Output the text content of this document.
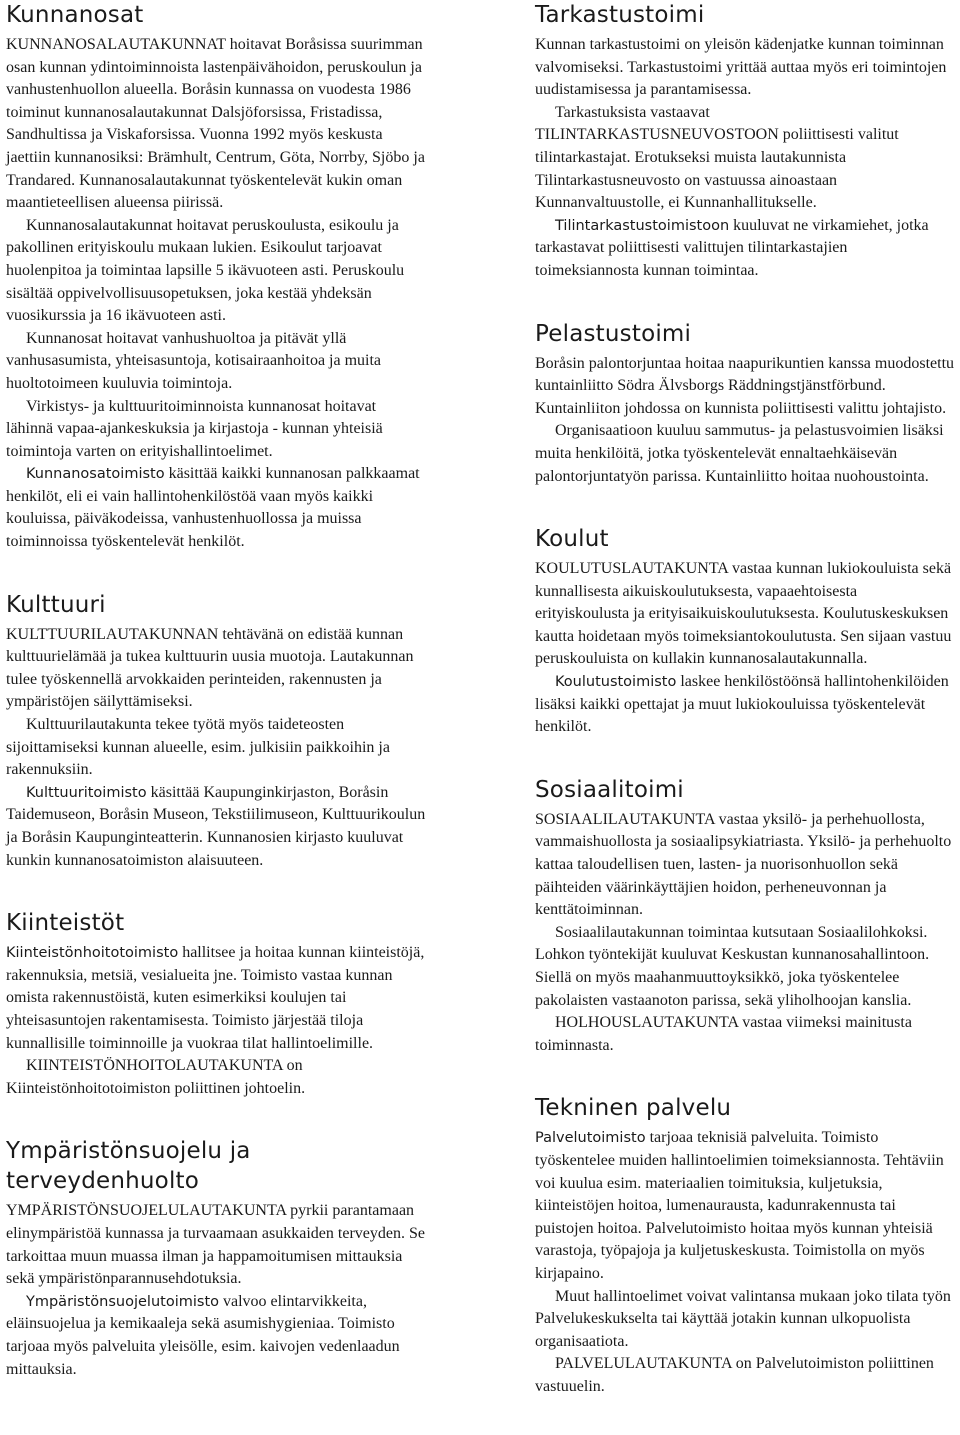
Kunnanosat

KUNNANOSALAUTAKUNNAT hoitavat Boråsissa suurimman osan kunnan ydintoiminnoista lastenpäivähoidon, peruskoulun ja vanhustenhuollon alueella. Boråsin kunnassa on vuodesta 1986 toiminut kunnanosalautakunnat Dalsjöforsissa, Fristadissa, Sandhultissa ja Viskaforsissa. Vuonna 1992 myös keskusta jaettiin kunnanosiksi: Brämhult, Centrum, Göta, Norrby, Sjöbo ja Trandared. Kunnanosalautakunnat työskentelevät kukin oman maantieteellisen alueensa piirissä.

Kunnanosalautakunnat hoitavat peruskoulusta, esikoulu ja pakollinen erityiskoulu mukaan lukien. Esikoulut tarjoavat huolenpitoa ja toimintaa lapsille 5 ikävuoteen asti. Peruskoulu sisältää oppivelvollisuusopetuksen, joka kestää yhdeksän vuosikurssia ja 16 ikävuoteen asti.

Kunnanosat hoitavat vanhushuoltoa ja pitävät yllä vanhusasumista, yhteisasuntoja, kotisairaanhoitoa ja muita huoltotoimeen kuuluvia toimintoja.

Virkistys- ja kulttuuritoiminnoista kunnanosat hoitavat lähinnä vapaa-ajankeskuksia ja kirjastoja - kunnan yhteisiä toimintoja varten on erityishallintoelimet.

Kunnanosatoimisto käsittää kaikki kunnanosan palkkaamat henkilöt, eli ei vain hallintohenkilöstöä vaan myös kaikki kouluissa, päiväkodeissa, vanhustenhuollossa ja muissa toiminnoissa työskentelevät henkilöt.

Kulttuuri

KULTTUURILAUTAKUNNAN tehtävänä on edistää kunnan kulttuurielämää ja tukea kulttuurin uusia muotoja. Lautakunnan tulee työskennellä arvokkaiden perinteiden, rakennusten ja ympäristöjen säilyttämiseksi.

Kulttuurilautakunta tekee työtä myös taideteosten sijoittamiseksi kunnan alueelle, esim. julkisiin paikkoihin ja rakennuksiin.

Kulttuuritoimisto käsittää Kaupunginkirjaston, Boråsin Taidemuseon, Boråsin Museon, Tekstiilimuseon, Kulttuurikoulun ja Boråsin Kaupunginteatterin. Kunnanosien kirjasto kuuluvat kunkin kunnanosatoimiston alaisuuteen.

Kiinteistöt

Kiinteistönhoitotoimisto hallitsee ja hoitaa kunnan kiinteistöjä, rakennuksia, metsiä, vesialueita jne. Toimisto vastaa kunnan omista rakennustöistä, kuten esimerkiksi koulujen tai yhteisasuntojen rakentamisesta. Toimisto järjestää tiloja kunnallisille toiminnoille ja vuokraa tilat hallintoelimille.

KIINTEISTÖNHOITOLAUTAKUNTA on Kiinteistönhoitotoimiston poliittinen johtoelin.

Ympäristönsuojelu ja terveydenhuolto

YMPÄRISTÖNSUOJELULAUTAKUNTA pyrkii parantamaan elinympäristöä kunnassa ja turvaamaan asukkaiden terveyden. Se tarkoittaa muun muassa ilman ja happamoitumisen mittauksia sekä ympäristönparannusehdotuksia.

Ympäristönsuojelutoimisto valvoo elintarvikkeita, eläinsuojelua ja kemikaaleja sekä asumishygieniaa. Toimisto tarjoaa myös palveluita yleisölle, esim. kaivojen vedenlaadun mittauksia.

Tarkastustoimi

Kunnan tarkastustoimi on yleisön kädenjatke kunnan toiminnan valvomiseksi. Tarkastustoimi yrittää auttaa myös eri toimintojen uudistamisessa ja parantamisessa.

Tarkastuksista vastaavat TILINTARKASTUSNEUVOSTOON poliittisesti valitut tilintarkastajat. Erotukseksi muista lautakunnista Tilintarkastusneuvosto on vastuussa ainoastaan Kunnanvaltuustolle, ei Kunnanhallitukselle.

Tilintarkastustoimistoon kuuluvat ne virkamiehet, jotka tarkastavat poliittisesti valittujen tilintarkastajien toimeksiannosta kunnan toimintaa.

Pelastustoimi

Boråsin palontorjuntaa hoitaa naapurikuntien kanssa muodostettu kuntainliitto Södra Älvsborgs Räddningstjänstförbund. Kuntainliiton johdossa on kunnista poliittisesti valittu johtajisto.

Organisaatioon kuuluu sammutus- ja pelastusvoimien lisäksi muita henkilöitä, jotka työskentelevät ennaltaehkäisevän palontorjuntatyön parissa. Kuntainliitto hoitaa nuohoustointa.

Koulut

KOULUTUSLAUTAKUNTA vastaa kunnan lukiokouluista sekä kunnallisesta aikuiskoulutuksesta, vapaaehtoisesta erityiskoulusta ja erityisaikuiskoulutuksesta. Koulutuskeskuksen kautta hoidetaan myös toimeksiantokoulutusta. Sen sijaan vastuu peruskouluista on kullakin kunnanosalautakunnalla.

Koulutustoimisto laskee henkilöstöönsä hallintohenkilöiden lisäksi kaikki opettajat ja muut lukiokouluissa työskentelevät henkilöt.

Sosiaalitoimi

SOSIAALILAUTAKUNTA vastaa yksilö- ja perhehuollosta, vammaishuollosta ja sosiaalipsykiatriasta. Yksilö- ja perhehuolto kattaa taloudellisen tuen, lasten- ja nuorisonhuollon sekä päihteiden väärinkäyttäjien hoidon, perheneuvonnan ja kenttätoiminnan.

Sosiaalilautakunnan toimintaa kutsutaan Sosiaalilohkoksi. Lohkon työntekijät kuuluvat Keskustan kunnanosahallintoon. Siellä on myös maahanmuuttoyksikkö, joka työskentelee pakolaisten vastaanoton parissa, sekä yliholhoojan kanslia.

HOLHOUSLAUTAKUNTA vastaa viimeksi mainitusta toiminnasta.

Tekninen palvelu

Palvelutoimisto tarjoaa teknisiä palveluita. Toimisto työskentelee muiden hallintoelimien toimeksiannosta. Tehtäviin voi kuulua esim. materiaalien toimituksia, kuljetuksia, kiinteistöjen hoitoa, lumenaurausta, kadunrakennusta tai puistojen hoitoa. Palvelutoimisto hoitaa myös kunnan yhteisiä varastoja, työpajoja ja kuljetuskeskusta. Toimistolla on myös kirjapaino.

Muut hallintoelimet voivat valintansa mukaan joko tilata työn Palvelukeskukselta tai käyttää jotakin kunnan ulkopuolista organisaatiota.

PALVELULAUTAKUNTA on Palvelutoimiston poliittinen vastuuelin.
